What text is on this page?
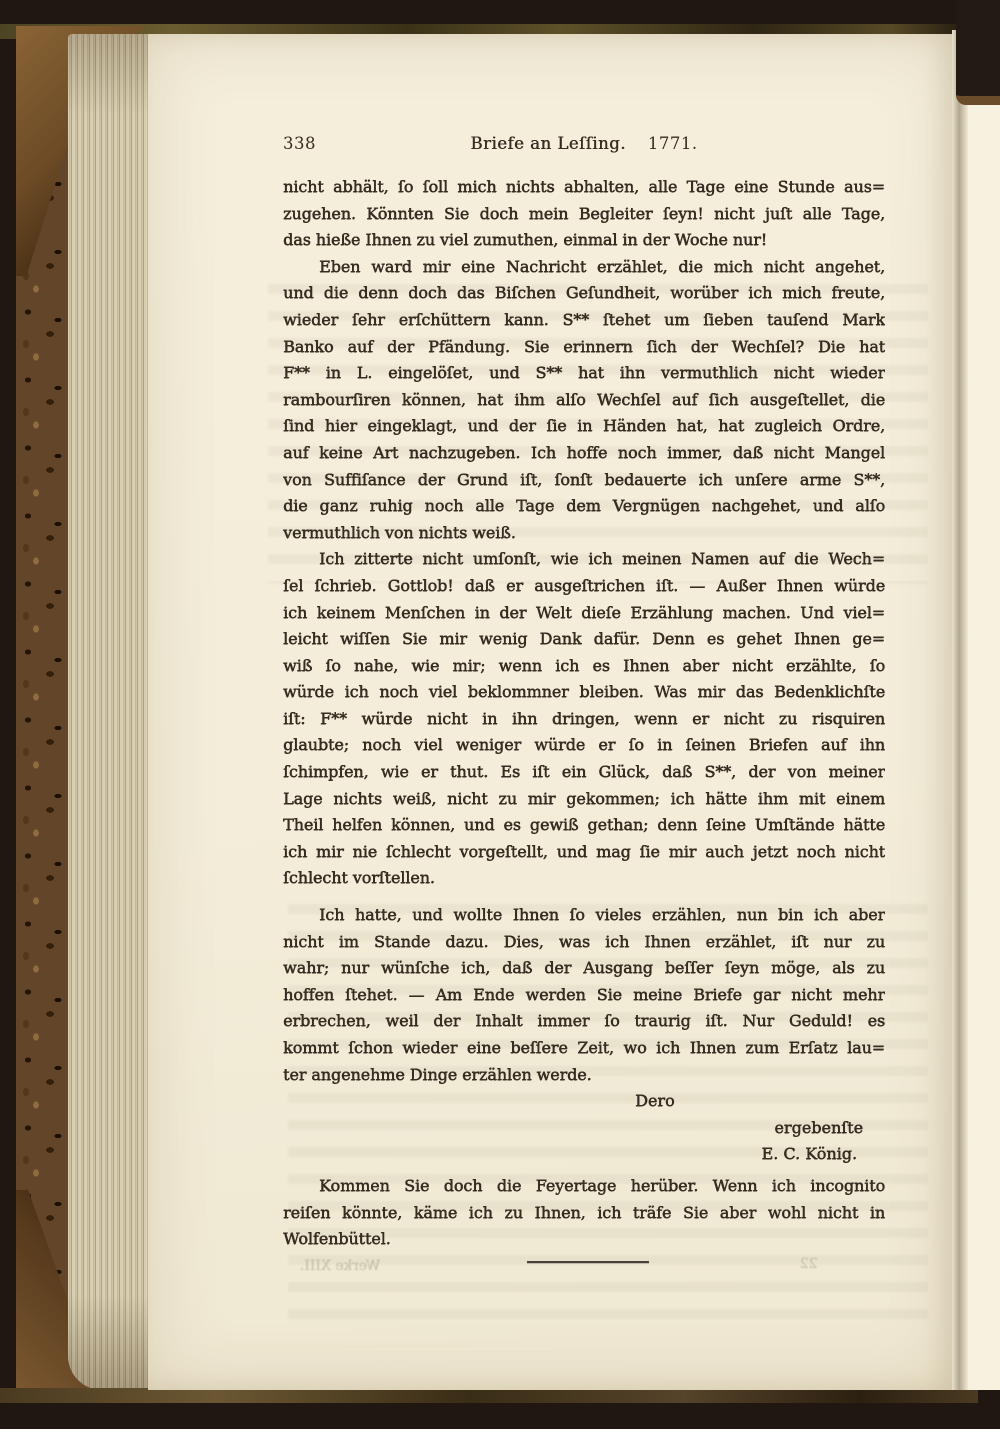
338	Briefe an Leſſing. 1771.
nicht abhält, ſo ſoll mich nichts abhalten, alle Tage eine Stunde aus=
zugehen. Könnten Sie doch mein Begleiter ſeyn! nicht juſt alle Tage,
das hieße Ihnen zu viel zumuthen, einmal in der Woche nur!
Eben ward mir eine Nachricht erzählet, die mich nicht angehet,
und die denn doch das Biſchen Geſundheit, worüber ich mich freute,
wieder ſehr erſchüttern kann. S** ſtehet um ſieben tauſend Mark
Banko auf der Pfändung. Sie erinnern ſich der Wechſel? Die hat
F** in L. eingelöſet, und S** hat ihn vermuthlich nicht wieder
rambourſiren können, hat ihm alſo Wechſel auf ſich ausgeſtellet, die
ſind hier eingeklagt, und der ſie in Händen hat, hat zugleich Ordre,
auf keine Art nachzugeben. Ich hoffe noch immer, daß nicht Mangel
von Suffiſance der Grund iſt, ſonſt bedauerte ich unſere arme S**,
die ganz ruhig noch alle Tage dem Vergnügen nachgehet, und alſo
vermuthlich von nichts weiß.
Ich zitterte nicht umſonſt, wie ich meinen Namen auf die Wech=
ſel ſchrieb. Gottlob! daß er ausgeſtrichen iſt. — Außer Ihnen würde
ich keinem Menſchen in der Welt dieſe Erzählung machen. Und viel=
leicht wiſſen Sie mir wenig Dank dafür. Denn es gehet Ihnen ge=
wiß ſo nahe, wie mir; wenn ich es Ihnen aber nicht erzählte, ſo
würde ich noch viel beklommner bleiben. Was mir das Bedenklichſte
iſt: F** würde nicht in ihn dringen, wenn er nicht zu risquiren
glaubte; noch viel weniger würde er ſo in ſeinen Briefen auf ihn
ſchimpfen, wie er thut. Es iſt ein Glück, daß S**, der von meiner
Lage nichts weiß, nicht zu mir gekommen; ich hätte ihm mit einem
Theil helfen können, und es gewiß gethan; denn ſeine Umſtände hätte
ich mir nie ſchlecht vorgeſtellt, und mag ſie mir auch jetzt noch nicht
ſchlecht vorſtellen.
Ich hatte, und wollte Ihnen ſo vieles erzählen, nun bin ich aber
nicht im Stande dazu. Dies, was ich Ihnen erzählet, iſt nur zu
wahr; nur wünſche ich, daß der Ausgang beſſer ſeyn möge, als zu
hoffen ſtehet. — Am Ende werden Sie meine Briefe gar nicht mehr
erbrechen, weil der Inhalt immer ſo traurig iſt. Nur Geduld! es
kommt ſchon wieder eine beſſere Zeit, wo ich Ihnen zum Erſatz lau=
ter angenehme Dinge erzählen werde.
Dero
ergebenſte
E. C. König.
Kommen Sie doch die Feyertage herüber. Wenn ich incognito
reiſen könnte, käme ich zu Ihnen, ich träfe Sie aber wohl nicht in
Wolfenbüttel.
Werke XIII.	22
